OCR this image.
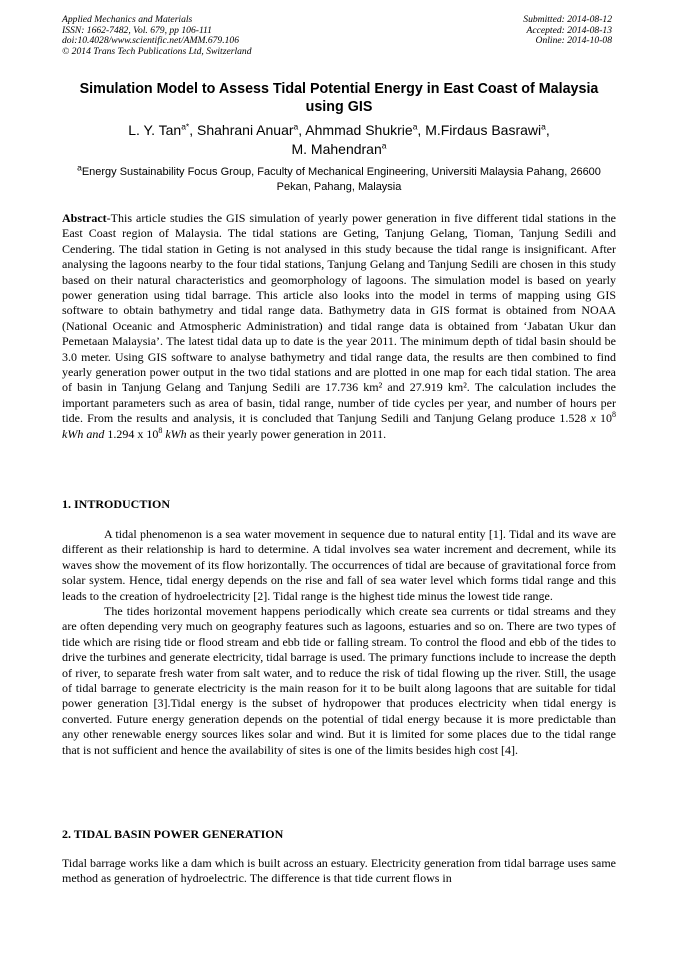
Applied Mechanics and Materials
ISSN: 1662-7482, Vol. 679, pp 106-111
doi:10.4028/www.scientific.net/AMM.679.106
© 2014 Trans Tech Publications Ltd, Switzerland
Submitted: 2014-08-12
Accepted: 2014-08-13
Online: 2014-10-08
Simulation Model to Assess Tidal Potential Energy in East Coast of Malaysia using GIS
L. Y. Tan$^{a*}$, Shahrani Anuar$^a$, Ahmmad Shukrie$^a$, M.Firdaus Basrawi$^a$,
M. Mahendran$^a$
$^a$Energy Sustainability Focus Group, Faculty of Mechanical Engineering, Universiti Malaysia Pahang, 26600 Pekan, Pahang, Malaysia
Abstract-This article studies the GIS simulation of yearly power generation in five different tidal stations in the East Coast region of Malaysia. The tidal stations are Geting, Tanjung Gelang, Tioman, Tanjung Sedili and Cendering. The tidal station in Geting is not analysed in this study because the tidal range is insignificant. After analysing the lagoons nearby to the four tidal stations, Tanjung Gelang and Tanjung Sedili are chosen in this study based on their natural characteristics and geomorphology of lagoons. The simulation model is based on yearly power generation using tidal barrage. This article also looks into the model in terms of mapping using GIS software to obtain bathymetry and tidal range data. Bathymetry data in GIS format is obtained from NOAA (National Oceanic and Atmospheric Administration) and tidal range data is obtained from ‘Jabatan Ukur dan Pemetaan Malaysia’. The latest tidal data up to date is the year 2011. The minimum depth of tidal basin should be 3.0 meter. Using GIS software to analyse bathymetry and tidal range data, the results are then combined to find yearly generation power output in the two tidal stations and are plotted in one map for each tidal station. The area of basin in Tanjung Gelang and Tanjung Sedili are 17.736 km² and 27.919 km². The calculation includes the important parameters such as area of basin, tidal range, number of tide cycles per year, and number of hours per tide. From the results and analysis, it is concluded that Tanjung Sedili and Tanjung Gelang produce 1.528 x $10^8$ kWh and 1.294 x $10^8$ kWh as their yearly power generation in 2011.
1. INTRODUCTION

A tidal phenomenon is a sea water movement in sequence due to natural entity [1]. Tidal and its wave are different as their relationship is hard to determine. A tidal involves sea water increment and decrement, while its waves show the movement of its flow horizontally. The occurrences of tidal are because of gravitational force from solar system. Hence, tidal energy depends on the rise and fall of sea water level which forms tidal range and this leads to the creation of hydroelectricity [2]. Tidal range is the highest tide minus the lowest tide range.

The tides horizontal movement happens periodically which create sea currents or tidal streams and they are often depending very much on geography features such as lagoons, estuaries and so on. There are two types of tide which are rising tide or flood stream and ebb tide or falling stream. To control the flood and ebb of the tides to drive the turbines and generate electricity, tidal barrage is used. The primary functions include to increase the depth of river, to separate fresh water from salt water, and to reduce the risk of tidal flowing up the river. Still, the usage of tidal barrage to generate electricity is the main reason for it to be built along lagoons that are suitable for tidal power generation [3].Tidal energy is the subset of hydropower that produces electricity when tidal energy is converted. Future energy generation depends on the potential of tidal energy because it is more predictable than any other renewable energy sources likes solar and wind. But it is limited for some places due to the tidal range that is not sufficient and hence the availability of sites is one of the limits besides high cost [4].

2. TIDAL BASIN POWER GENERATION

Tidal barrage works like a dam which is built across an estuary. Electricity generation from tidal barrage uses same method as generation of hydroelectric. The difference is that tide current flows in
